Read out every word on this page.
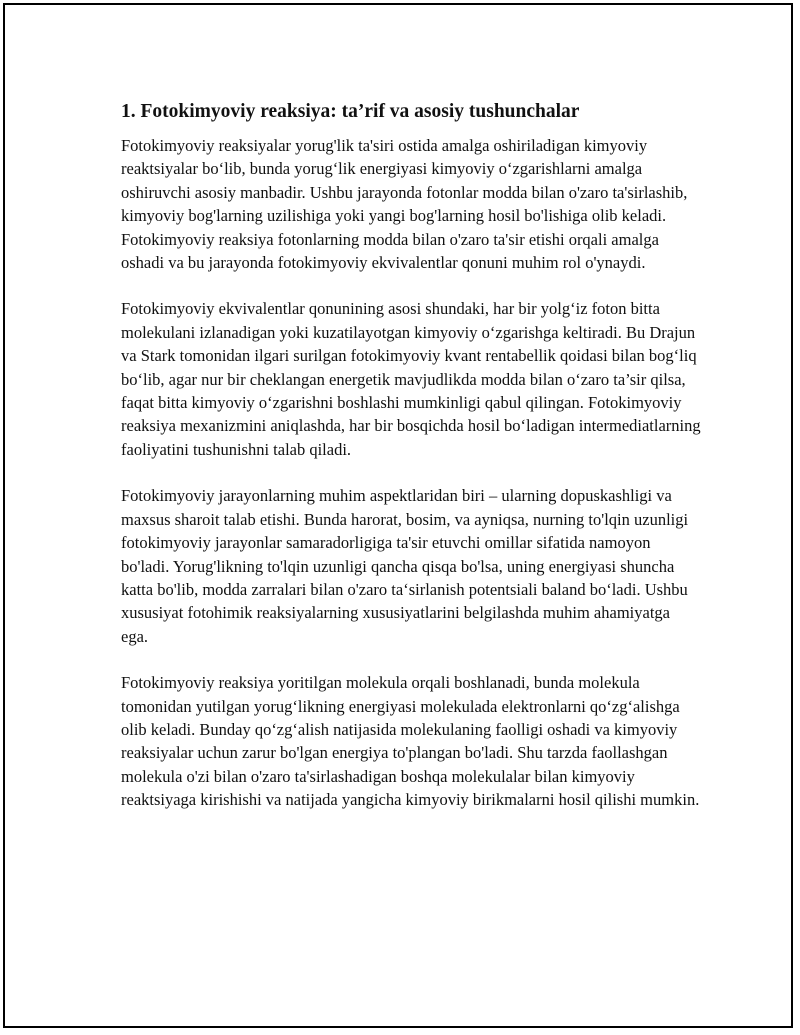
1. Fotokimyoviy reaksiya: ta’rif va asosiy tushunchalar

Fotokimyoviy reaksiyalar yorug'lik ta'siri ostida amalga oshiriladigan kimyoviy reaktsiyalar bo‘lib, bunda yorug‘lik energiyasi kimyoviy o‘zgarishlarni amalga oshiruvchi asosiy manbadir. Ushbu jarayonda fotonlar modda bilan o'zaro ta'sirlashib, kimyoviy bog'larning uzilishiga yoki yangi bog'larning hosil bo'lishiga olib keladi. Fotokimyoviy reaksiya fotonlarning modda bilan o'zaro ta'sir etishi orqali amalga oshadi va bu jarayonda fotokimyoviy ekvivalentlar qonuni muhim rol o'ynaydi.

Fotokimyoviy ekvivalentlar qonunining asosi shundaki, har bir yolg‘iz foton bitta molekulani izlanadigan yoki kuzatilayotgan kimyoviy o‘zgarishga keltiradi. Bu Drajun va Stark tomonidan ilgari surilgan fotokimyoviy kvant rentabellik qoidasi bilan bog‘liq bo‘lib, agar nur bir cheklangan energetik mavjudlikda modda bilan o‘zaro ta’sir qilsa, faqat bitta kimyoviy o‘zgarishni boshlashi mumkinligi qabul qilingan. Fotokimyoviy reaksiya mexanizmini aniqlashda, har bir bosqichda hosil bo‘ladigan intermediatlarning faoliyatini tushunishni talab qiladi.

Fotokimyoviy jarayonlarning muhim aspektlaridan biri – ularning dopuskashligi va maxsus sharoit talab etishi. Bunda harorat, bosim, va ayniqsa, nurning to'lqin uzunligi fotokimyoviy jarayonlar samaradorligiga ta'sir etuvchi omillar sifatida namoyon bo'ladi. Yorug'likning to'lqin uzunligi qancha qisqa bo'lsa, uning energiyasi shuncha katta bo'lib, modda zarralari bilan o'zaro ta‘sirlanish potentsiali baland bo‘ladi. Ushbu xususiyat fotohimik reaksiyalarning xususiyatlarini belgilashda muhim ahamiyatga ega.

Fotokimyoviy reaksiya yoritilgan molekula orqali boshlanadi, bunda molekula tomonidan yutilgan yorug‘likning energiyasi molekulada elektronlarni qo‘zg‘alishga olib keladi. Bunday qo‘zg‘alish natijasida molekulaning faolligi oshadi va kimyoviy reaksiyalar uchun zarur bo'lgan energiya to'plangan bo'ladi. Shu tarzda faollashgan molekula o'zi bilan o'zaro ta'sirlashadigan boshqa molekulalar bilan kimyoviy reaktsiyaga kirishishi va natijada yangicha kimyoviy birikmalarni hosil qilishi mumkin.
